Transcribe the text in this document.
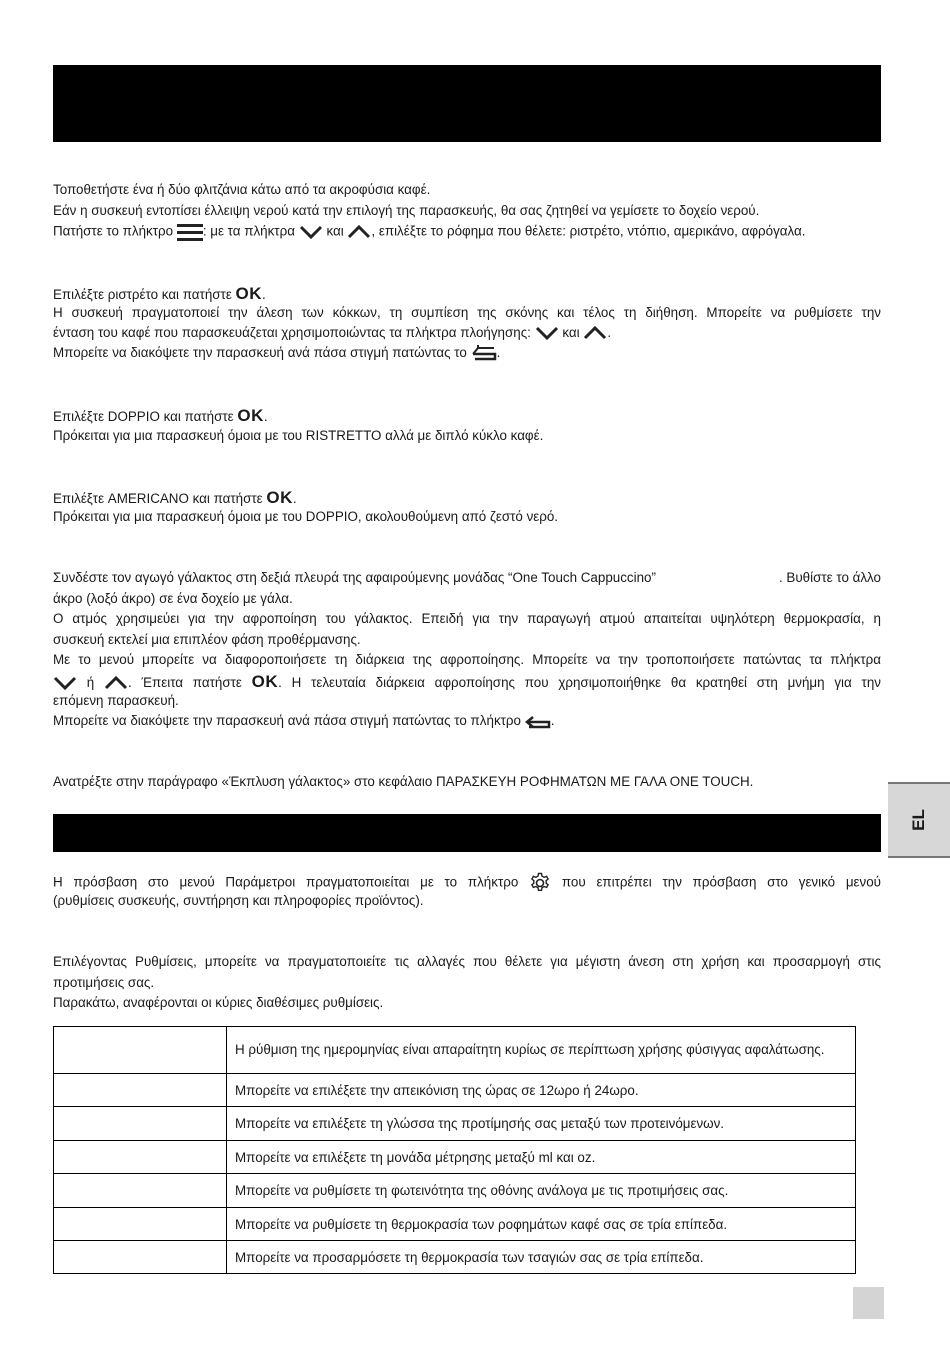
Τοποθετήστε ένα ή δύο φλιτζάνια κάτω από τα ακροφύσια καφέ.
Εάν η συσκευή εντοπίσει έλλειψη νερού κατά την επιλογή της παρασκευής, θα σας ζητηθεί να γεμίσετε το δοχείο νερού.
Πατήστε το πλήκτρο : με τα πλήκτρα και , επιλέξτε το ρόφημα που θέλετε: ριστρέτο, ντόπιο, αμερικάνο, αφρόγαλα.
Επιλέξτε ριστρέτο και πατήστε OK.
Η συσκευή πραγματοποιεί την άλεση των κόκκων, τη συμπίεση της σκόνης και τέλος τη διήθηση. Μπορείτε να ρυθμίσετε την
ένταση του καφέ που παρασκευάζεται χρησιμοποιώντας τα πλήκτρα πλοήγησης: και .
Μπορείτε να διακόψετε την παρασκευή ανά πάσα στιγμή πατώντας το .
Επιλέξτε DOPPIO και πατήστε OK.
Πρόκειται για μια παρασκευή όμοια με του RISTRETTO αλλά με διπλό κύκλο καφέ.
Επιλέξτε AMERICANO και πατήστε OK.
Πρόκειται για μια παρασκευή όμοια με του DOPPIO, ακολουθούμενη από ζεστό νερό.
Συνδέστε τον αγωγό γάλακτος στη δεξιά πλευρά της αφαιρούμενης μονάδας “One Touch Cappuccino”	. Βυθίστε το άλλο
άκρο (λοξό άκρο) σε ένα δοχείο με γάλα.
Ο ατμός χρησιμεύει για την αφροποίηση του γάλακτος. Επειδή για την παραγωγή ατμού απαιτείται υψηλότερη θερμοκρασία, η
συσκευή εκτελεί μια επιπλέον φάση προθέρμανσης.
Με το μενού μπορείτε να διαφοροποιήσετε τη διάρκεια της αφροποίησης. Μπορείτε να την τροποποιήσετε πατώντας τα πλήκτρα
ή	. Έπειτα πατήστε OK. Η τελευταία διάρκεια αφροποίησης που χρησιμοποιήθηκε θα κρατηθεί στη μνήμη για την
επόμενη παρασκευή.
Μπορείτε να διακόψετε την παρασκευή ανά πάσα στιγμή πατώντας το πλήκτρο .
Ανατρέξτε στην παράγραφο «Έκπλυση γάλακτος» στο κεφάλαιο ΠΑΡΑΣΚΕΥΗ ΡΟΦΗΜΑΤΩΝ ΜΕ ΓΑΛΑ ONE TOUCH.
Η πρόσβαση στο μενού Παράμετροι πραγματοποιείται με το πλήκτρο	που επιτρέπει την πρόσβαση στο γενικό μενού
(ρυθμίσεις συσκευής, συντήρηση και πληροφορίες προϊόντος).
Επιλέγοντας Ρυθμίσεις, μπορείτε να πραγματοποιείτε τις αλλαγές που θέλετε για μέγιστη άνεση στη χρήση και προσαρμογή στις
προτιμήσεις σας.
Παρακάτω, αναφέρονται οι κύριες διαθέσιμες ρυθμίσεις.
	Η ρύθμιση της ημερομηνίας είναι απαραίτητη κυρίως σε περίπτωση χρήσης φύσιγγας αφαλάτωσης.
	Μπορείτε να επιλέξετε την απεικόνιση της ώρας σε 12ωρο ή 24ωρο.
	Μπορείτε να επιλέξετε τη γλώσσα της προτίμησής σας μεταξύ των προτεινόμενων.
	Μπορείτε να επιλέξετε τη μονάδα μέτρησης μεταξύ ml και oz.
	Μπορείτε να ρυθμίσετε τη φωτεινότητα της οθόνης ανάλογα με τις προτιμήσεις σας.
	Μπορείτε να ρυθμίσετε τη θερμοκρασία των ροφημάτων καφέ σας σε τρία επίπεδα.
	Μπορείτε να προσαρμόσετε τη θερμοκρασία των τσαγιών σας σε τρία επίπεδα.
EL
